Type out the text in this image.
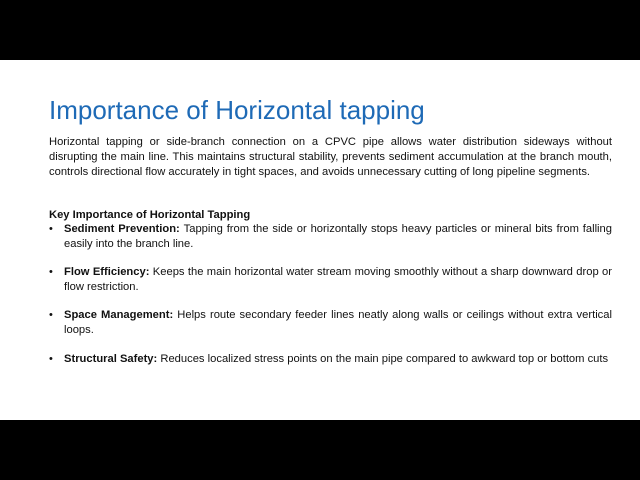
Importance of Horizontal tapping

Horizontal tapping or side-branch connection on a CPVC pipe allows water distribution sideways without disrupting the main line. This maintains structural stability, prevents sediment accumulation at the branch mouth, controls directional flow accurately in tight spaces, and avoids unnecessary cutting of long pipeline segments.

Key Importance of Horizontal Tapping

• Sediment Prevention: Tapping from the side or horizontally stops heavy particles or mineral bits from falling easily into the branch line.
• Flow Efficiency: Keeps the main horizontal water stream moving smoothly without a sharp downward drop or flow restriction.
• Space Management: Helps route secondary feeder lines neatly along walls or ceilings without extra vertical loops.
• Structural Safety: Reduces localized stress points on the main pipe compared to awkward top or bottom cuts
